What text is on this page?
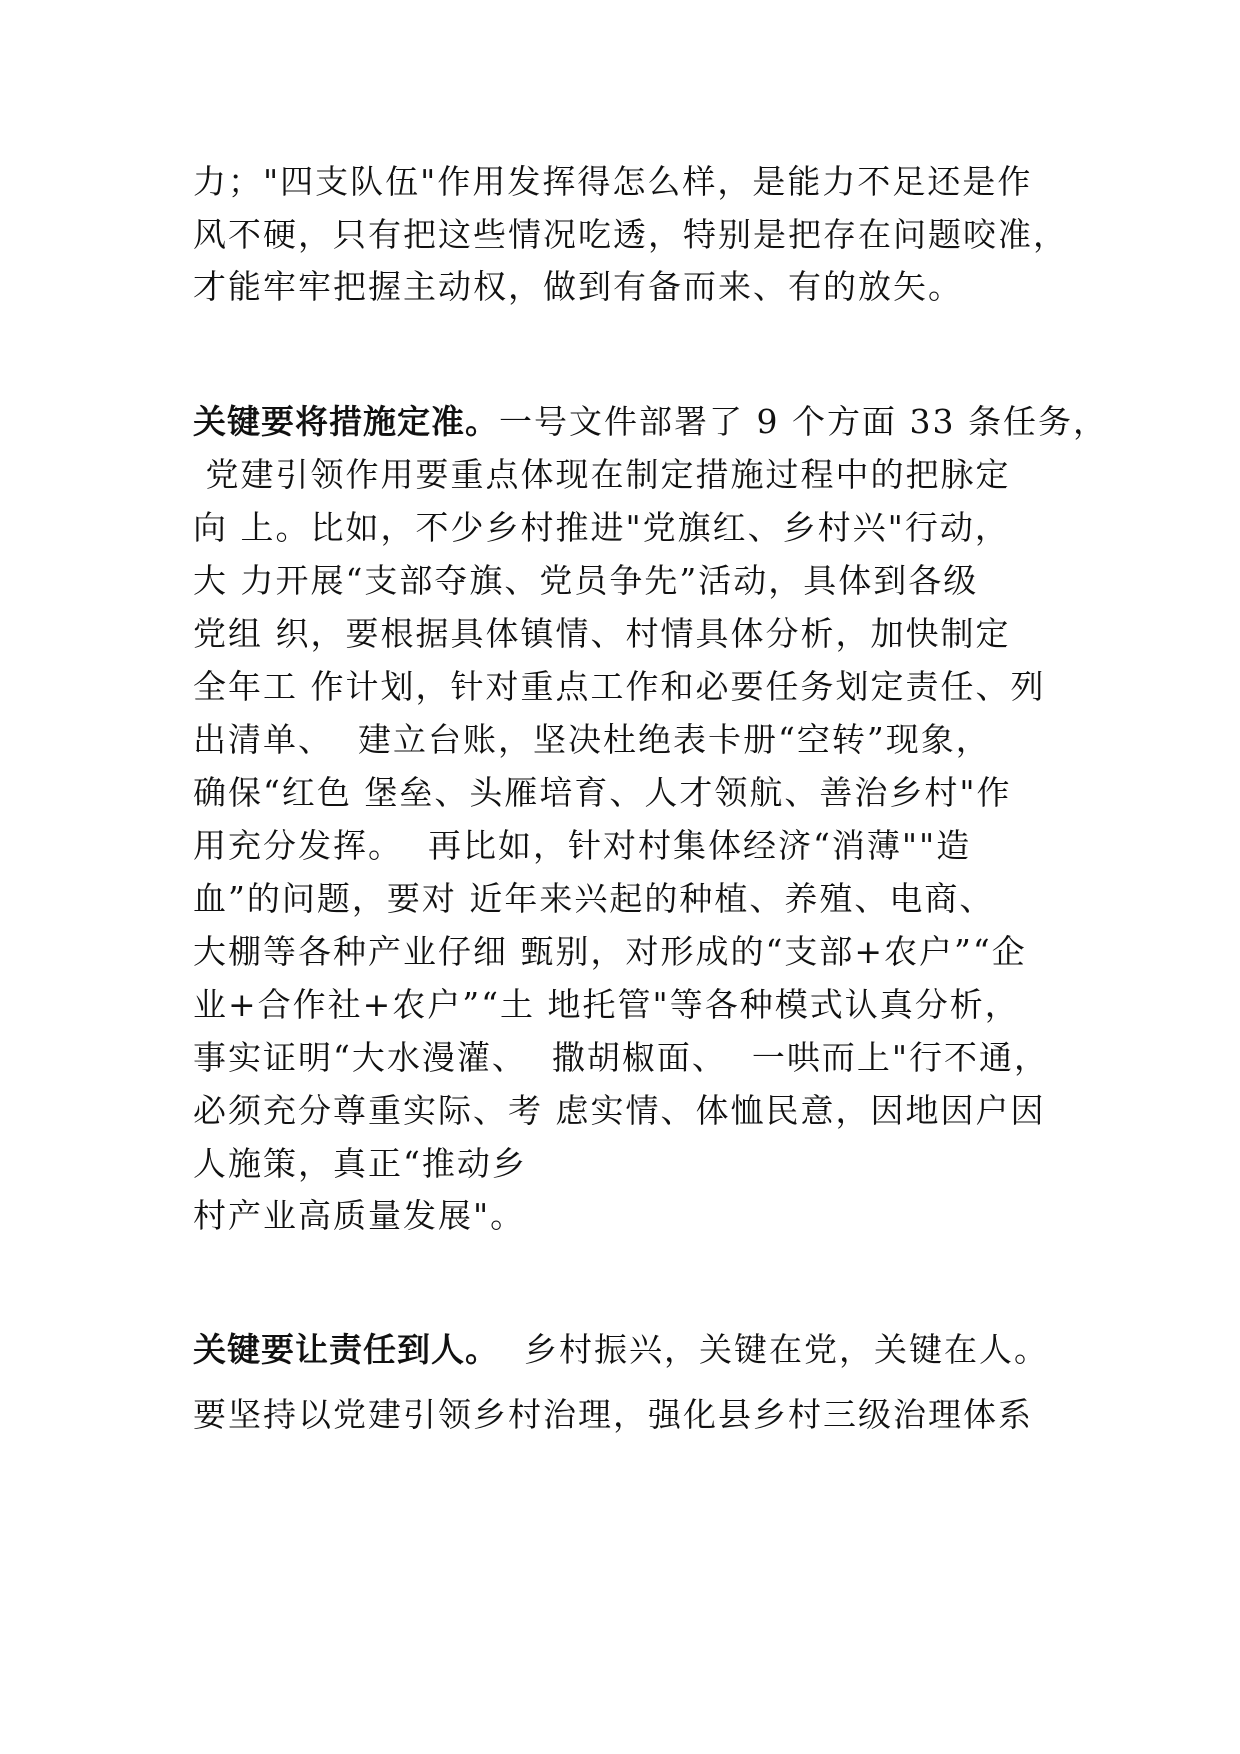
力；"四支队伍"作用发挥得怎么样，是能力不足还是作
风不硬，只有把这些情况吃透，特别是把存在问题咬准，
才能牢牢把握主动权，做到有备而来、有的放矢。
关键要将措施定准。一号文件部署了 9 个方面 33 条任务，
党建引领作用要重点体现在制定措施过程中的把脉定
向 上。比如，不少乡村推进"党旗红、乡村兴"行动，
大 力开展“支部夺旗、党员争先”活动，具体到各级
党组 织，要根据具体镇情、村情具体分析，加快制定
全年工 作计划，针对重点工作和必要任务划定责任、列
出清单、  建立台账，坚决杜绝表卡册“空转”现象，
确保“红色 堡垒、头雁培育、人才领航、善治乡村"作
用充分发挥。  再比如，针对村集体经济“消薄""造
血”的问题，要对 近年来兴起的种植、养殖、电商、
大棚等各种产业仔细 甄别，对形成的“支部+农户”“企
业+合作社+农户”“土 地托管"等各种模式认真分析，
事实证明“大水漫灌、  撒胡椒面、  一哄而上"行不通，
必须充分尊重实际、考 虑实情、体恤民意，因地因户因
人施策，真正“推动乡
村产业高质量发展"。
关键要让责任到人。  乡村振兴，关键在党，关键在人。
要坚持以党建引领乡村治理，强化县乡村三级治理体系
